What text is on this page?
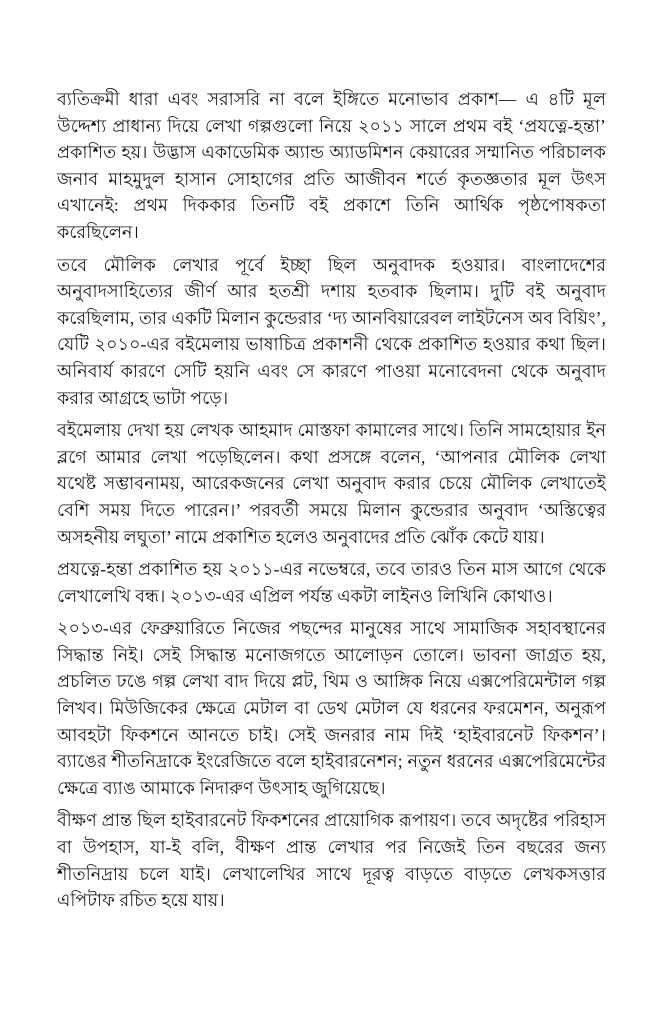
ব্যতিক্রমী ধারা এবং সরাসরি না বলে ইঙ্গিতে মনোভাব প্রকাশ— এ ৪টি মূল উদ্দেশ্য প্রাধান্য দিয়ে লেখা গল্পগুলো নিয়ে ২০১১ সালে প্রথম বই ‘প্রযত্নে-হন্তা’ প্রকাশিত হয়। উদ্ভাস একাডেমিক অ্যান্ড অ্যাডমিশন কেয়ারের সম্মানিত পরিচালক জনাব মাহমুদুল হাসান সোহাগের প্রতি আজীবন শর্তে কৃতজ্ঞতার মূল উৎস এখানেই: প্রথম দিককার তিনটি বই প্রকাশে তিনি আর্থিক পৃষ্ঠপোষকতা করেছিলেন।

তবে মৌলিক লেখার পূর্বে ইচ্ছা ছিল অনুবাদক হওয়ার। বাংলাদেশের অনুবাদসাহিত্যের জীর্ণ আর হতশ্রী দশায় হতবাক ছিলাম। দুটি বই অনুবাদ করেছিলাম, তার একটি মিলান কুন্ডেরার ‘দ্য আনবিয়ারেবল লাইটনেস অব বিয়িং’, যেটি ২০১০-এর বইমেলায় ভাষাচিত্র প্রকাশনী থেকে প্রকাশিত হওয়ার কথা ছিল। অনিবার্য কারণে সেটি হয়নি এবং সে কারণে পাওয়া মনোবেদনা থেকে অনুবাদ করার আগ্রহে ভাটা পড়ে।

বইমেলায় দেখা হয় লেখক আহমাদ মোস্তফা কামালের সাথে। তিনি সামহোয়ার ইন ব্লগে আমার লেখা পড়েছিলেন। কথা প্রসঙ্গে বলেন, ‘আপনার মৌলিক লেখা যথেষ্ট সম্ভাবনাময়, আরেকজনের লেখা অনুবাদ করার চেয়ে মৌলিক লেখাতেই বেশি সময় দিতে পারেন।’ পরবর্তী সময়ে মিলান কুন্ডেরার অনুবাদ ‘অস্তিত্বের অসহনীয় লঘুতা’ নামে প্রকাশিত হলেও অনুবাদের প্রতি ঝোঁক কেটে যায়।

প্রযত্নে-হন্তা প্রকাশিত হয় ২০১১-এর নভেম্বরে, তবে তারও তিন মাস আগে থেকে লেখালেখি বন্ধ। ২০১৩-এর এপ্রিল পর্যন্ত একটা লাইনও লিখিনি কোথাও।

২০১৩-এর ফেব্রুয়ারিতে নিজের পছন্দের মানুষের সাথে সামাজিক সহাবস্থানের সিদ্ধান্ত নিই। সেই সিদ্ধান্ত মনোজগতে আলোড়ন তোলে। ভাবনা জাগ্রত হয়, প্রচলিত ঢঙে গল্প লেখা বাদ দিয়ে প্লট, থিম ও আঙ্গিক নিয়ে এক্সপেরিমেন্টাল গল্প লিখব। মিউজিকের ক্ষেত্রে মেটাল বা ডেথ মেটাল যে ধরনের ফরমেশন, অনুরূপ আবহটা ফিকশনে আনতে চাই। সেই জনরার নাম দিই ‘হাইবারনেট ফিকশন’। ব্যাঙের শীতনিদ্রাকে ইংরেজিতে বলে হাইবারনেশন; নতুন ধরনের এক্সপেরিমেন্টের ক্ষেত্রে ব্যাঙ আমাকে নিদারুণ উৎসাহ জুগিয়েছে।

বীক্ষণ প্রান্ত ছিল হাইবারনেট ফিকশনের প্রায়োগিক রূপায়ণ। তবে অদৃষ্টের পরিহাস বা উপহাস, যা-ই বলি, বীক্ষণ প্রান্ত লেখার পর নিজেই তিন বছরের জন্য শীতনিদ্রায় চলে যাই। লেখালেখির সাথে দূরত্ব বাড়তে বাড়তে লেখকসত্তার এপিটাফ রচিত হয়ে যায়।
